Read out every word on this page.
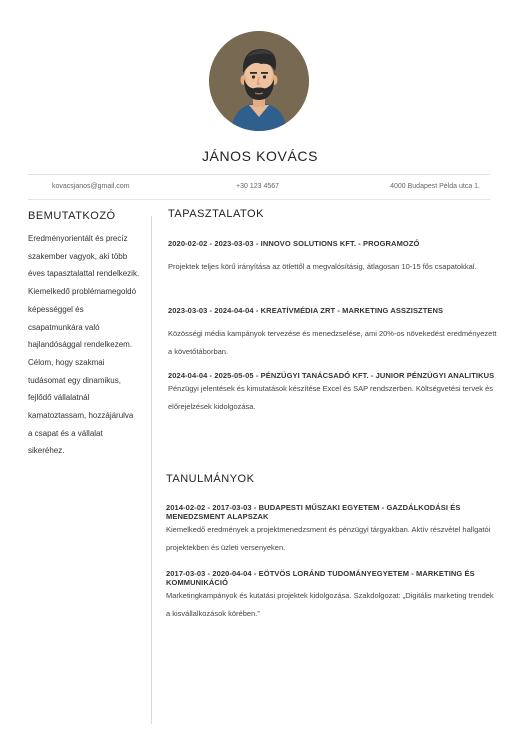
JÁNOS KOVÁCS
kovacsjanos@gmail.com	+30 123 4567	4000 Budapest Példa utca 1.
BEMUTATKOZÓ
Eredményorientált és precíz szakember vagyok, aki több éves tapasztalattal rendelkezik. Kiemelkedő problémamegoldó képességgel és csapatmunkára való hajlandósággal rendelkezem. Célom, hogy szakmai tudásomat egy dinamikus, fejlődő vállalatnál kamatoztassam, hozzájárulva a csapat és a vállalat sikeréhez.
TAPASZTALATOK
2020-02-02 - 2023-03-03 - INNOVO SOLUTIONS KFT. - PROGRAMOZÓ
Projektek teljes körű irányítása az ötlettől a megvalósításig, átlagosan 10-15 fős csapatokkal.
2023-03-03 - 2024-04-04 - KREATÍVMÉDIA ZRT - MARKETING ASSZISZTENS
Közösségi média kampányok tervezése és menedzselése, ami 20%-os növekedést eredményezett a követőtáborban.
2024-04-04 - 2025-05-05 - PÉNZÜGYI TANÁCSADÓ KFT. - JUNIOR PÉNZÜGYI ANALITIKUS
Pénzügyi jelentések és kimutatások készítése Excel és SAP rendszerben. Költségvetési tervek és előrejelzések kidolgozása.
TANULMÁNYOK
2014-02-02 - 2017-03-03 - BUDAPESTI MŰSZAKI EGYETEM - GAZDÁLKODÁSI ÉS MENEDZSMENT ALAPSZAK
Kiemelkedő eredmények a projektmenedzsment és pénzügyi tárgyakban. Aktív részvétel hallgatói projektekben és üzleti versenyeken.
2017-03-03 - 2020-04-04 - EÖTVÖS LORÁND TUDOMÁNYEGYETEM - MARKETING ÉS KOMMUNIKÁCIÓ
Marketingkampányok és kutatási projektek kidolgozása. Szakdolgozat: „Digitális marketing trendek a kisvállalkozások körében.”
